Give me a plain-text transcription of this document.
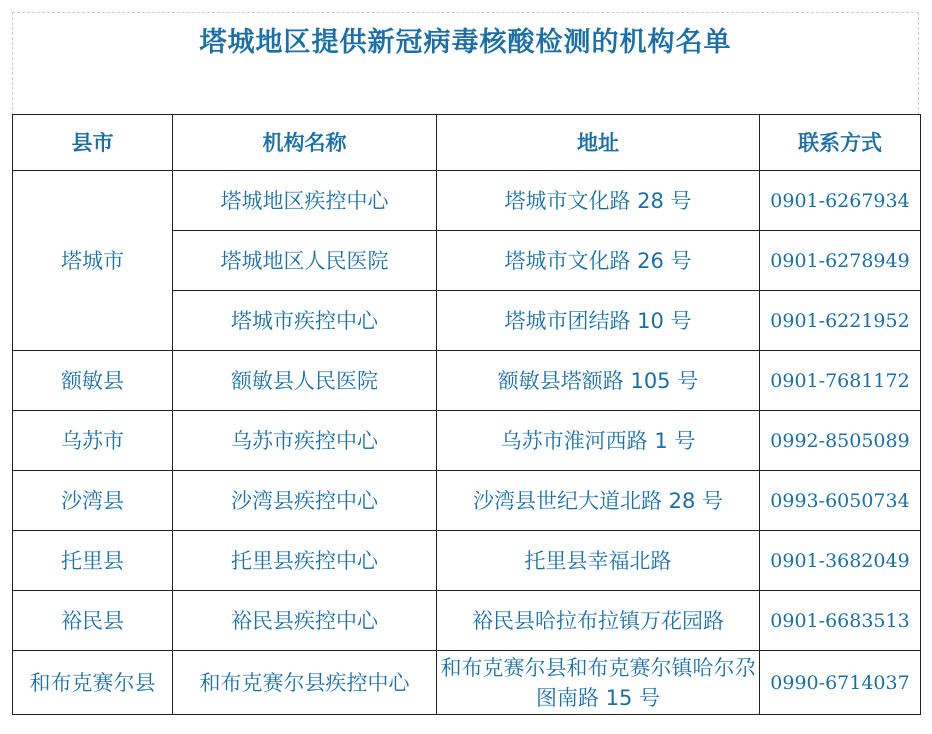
塔城地区提供新冠病毒核酸检测的机构名单
县市	机构名称	地址	联系方式
塔城市	塔城地区疾控中心	塔城市文化路 28 号	0901-6267934
	塔城地区人民医院	塔城市文化路 26 号	0901-6278949
	塔城市疾控中心	塔城市团结路 10 号	0901-6221952
额敏县	额敏县人民医院	额敏县塔额路 105 号	0901-7681172
乌苏市	乌苏市疾控中心	乌苏市淮河西路 1 号	0992-8505089
沙湾县	沙湾县疾控中心	沙湾县世纪大道北路 28 号	0993-6050734
托里县	托里县疾控中心	托里县幸福北路	0901-3682049
裕民县	裕民县疾控中心	裕民县哈拉布拉镇万花园路	0901-6683513
和布克赛尔县	和布克赛尔县疾控中心	和布克赛尔县和布克赛尔镇哈尔尕图南路 15 号	0990-6714037
